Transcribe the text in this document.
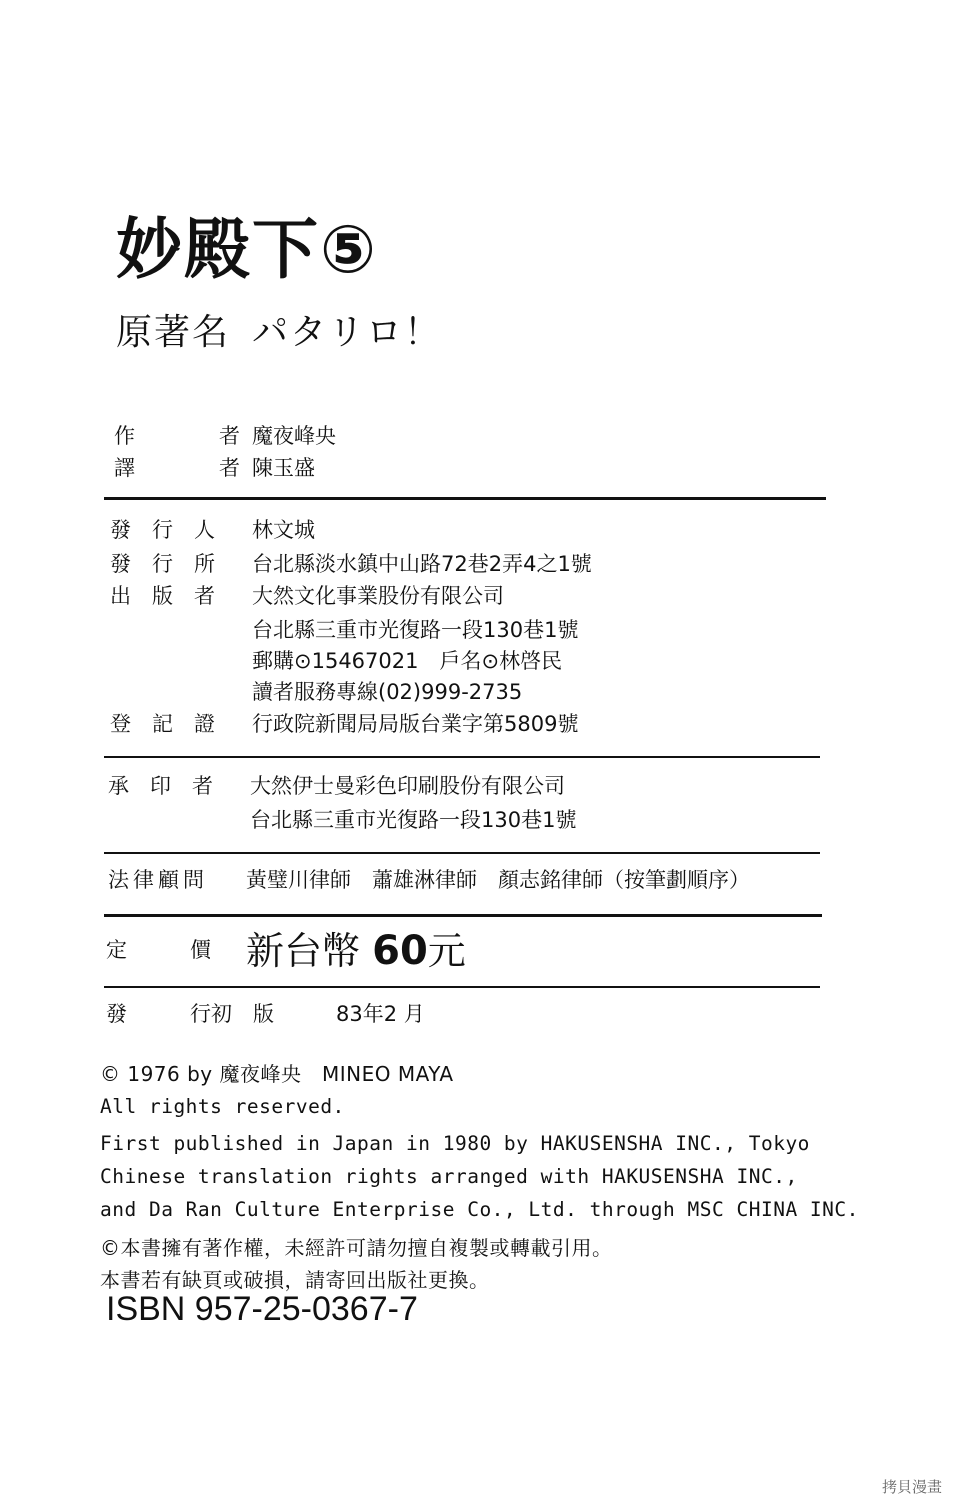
妙殿下⑤
原著名 パタリロ！
作　　　　者 魔夜峰央
譯　　　　者 陳玉盛
發　行　人 林文城
發　行　所 台北縣淡水鎮中山路72巷2弄4之1號
出　版　者 大然文化事業股份有限公司
台北縣三重市光復路一段130巷1號
郵購⊙15467021　戶名⊙林啓民
讀者服務專線(02)999-2735
登　記　證 行政院新聞局局版台業字第5809號
承　印　者 大然伊士曼彩色印刷股份有限公司
台北縣三重市光復路一段130巷1號
法律顧問 黃璧川律師　蕭雄淋律師　顏志銘律師（按筆劃順序）
定　　　價 新台幣 60元
發　　　行初　版	83年2 月
© 1976 by 魔夜峰央　MINEO MAYA
All rights reserved.
First published in Japan in 1980 by HAKUSENSHA INC., Tokyo
Chinese translation rights arranged with HAKUSENSHA INC.,
and Da Ran Culture Enterprise Co., Ltd. through MSC CHINA INC.
©本書擁有著作權，未經許可請勿擅自複製或轉載引用。
本書若有缺頁或破損，請寄回出版社更換。
ISBN 957-25-0367-7
拷貝漫畫
